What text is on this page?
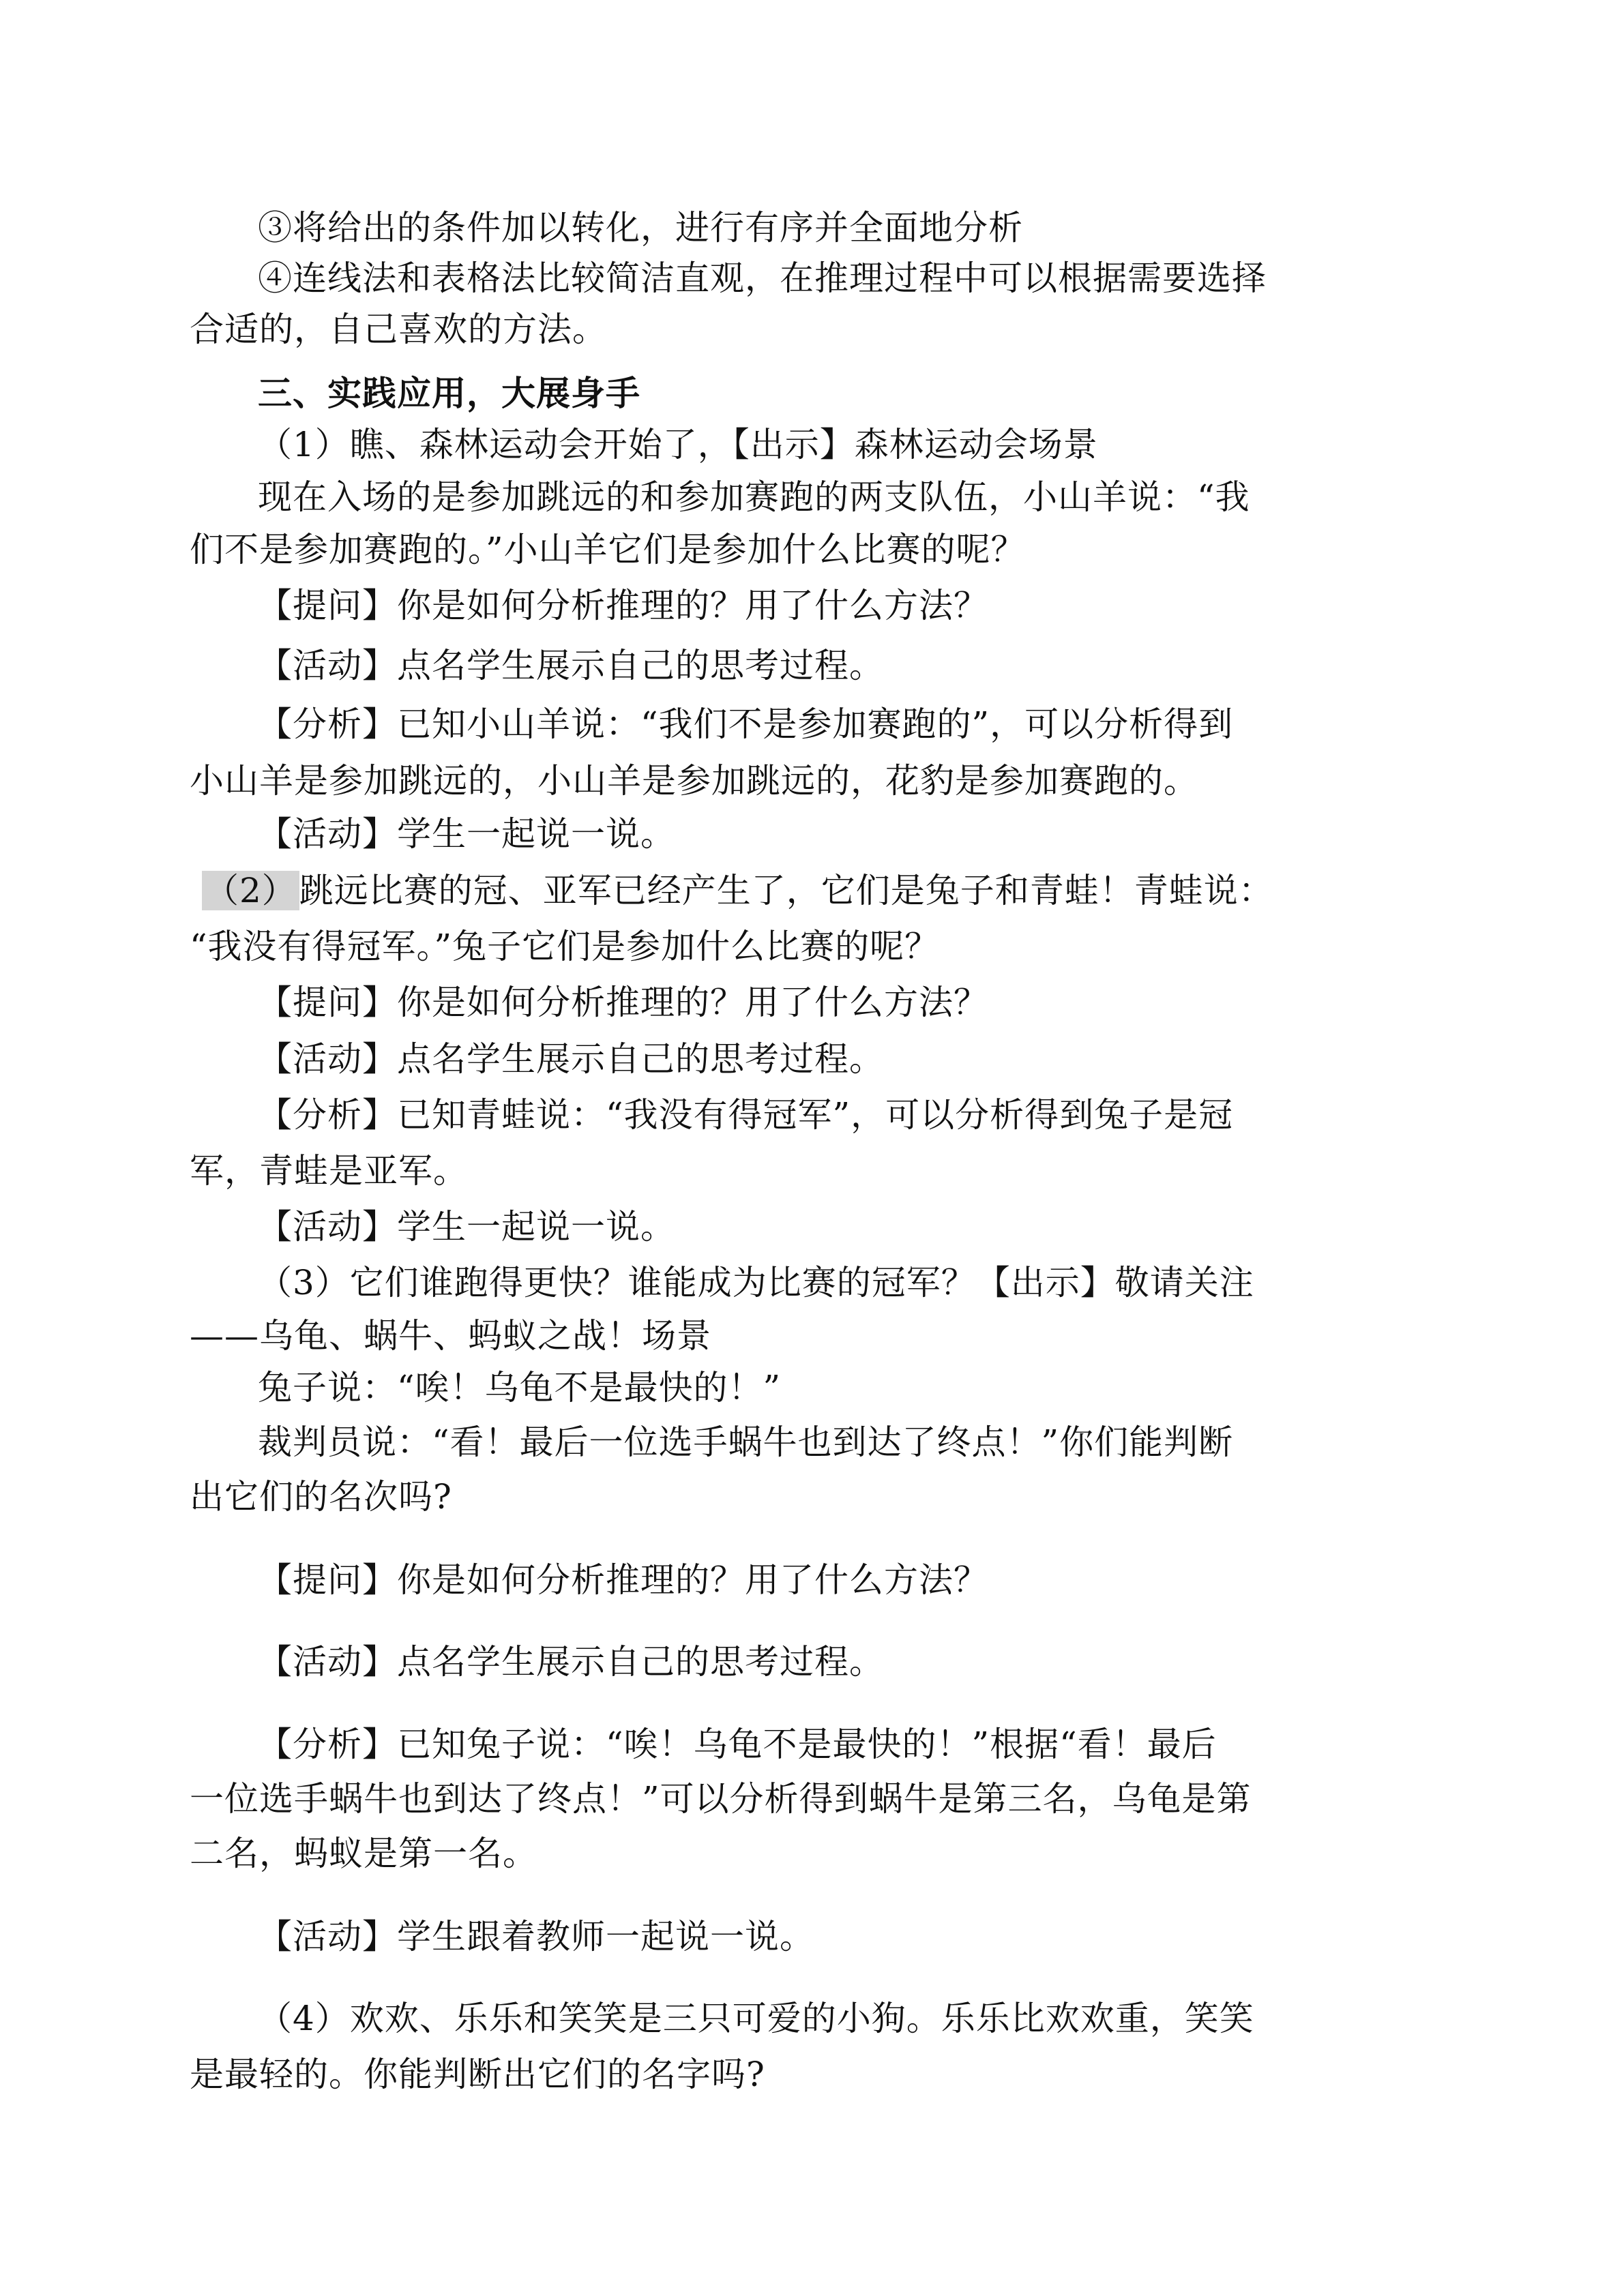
③将给出的条件加以转化，进行有序并全面地分析
④连线法和表格法比较简洁直观，在推理过程中可以根据需要选择
合适的，自己喜欢的方法。
三、实践应用，大展身手
（1）瞧、森林运动会开始了，【出示】森林运动会场景
现在入场的是参加跳远的和参加赛跑的两支队伍，小山羊说：“我
们不是参加赛跑的。”小山羊它们是参加什么比赛的呢？
【提问】你是如何分析推理的？用了什么方法？
【活动】点名学生展示自己的思考过程。
【分析】已知小山羊说：“我们不是参加赛跑的”，可以分析得到
小山羊是参加跳远的，小山羊是参加跳远的，花豹是参加赛跑的。
【活动】学生一起说一说。
（2）跳远比赛的冠、亚军已经产生了，它们是兔子和青蛙！青蛙说：
“我没有得冠军。”兔子它们是参加什么比赛的呢？
【提问】你是如何分析推理的？用了什么方法？
【活动】点名学生展示自己的思考过程。
【分析】已知青蛙说：“我没有得冠军”，可以分析得到兔子是冠
军，青蛙是亚军。
【活动】学生一起说一说。
（3）它们谁跑得更快？谁能成为比赛的冠军？【出示】敬请关注
——乌龟、蜗牛、蚂蚁之战！场景
兔子说：“唉！乌龟不是最快的！”
裁判员说：“看！最后一位选手蜗牛也到达了终点！”你们能判断
出它们的名次吗?
【提问】你是如何分析推理的？用了什么方法？
【活动】点名学生展示自己的思考过程。
【分析】已知兔子说：“唉！乌龟不是最快的！”根据“看！最后
一位选手蜗牛也到达了终点！”可以分析得到蜗牛是第三名，乌龟是第
二名，蚂蚁是第一名。
【活动】学生跟着教师一起说一说。
（4）欢欢、乐乐和笑笑是三只可爱的小狗。乐乐比欢欢重，笑笑
是最轻的。你能判断出它们的名字吗?
